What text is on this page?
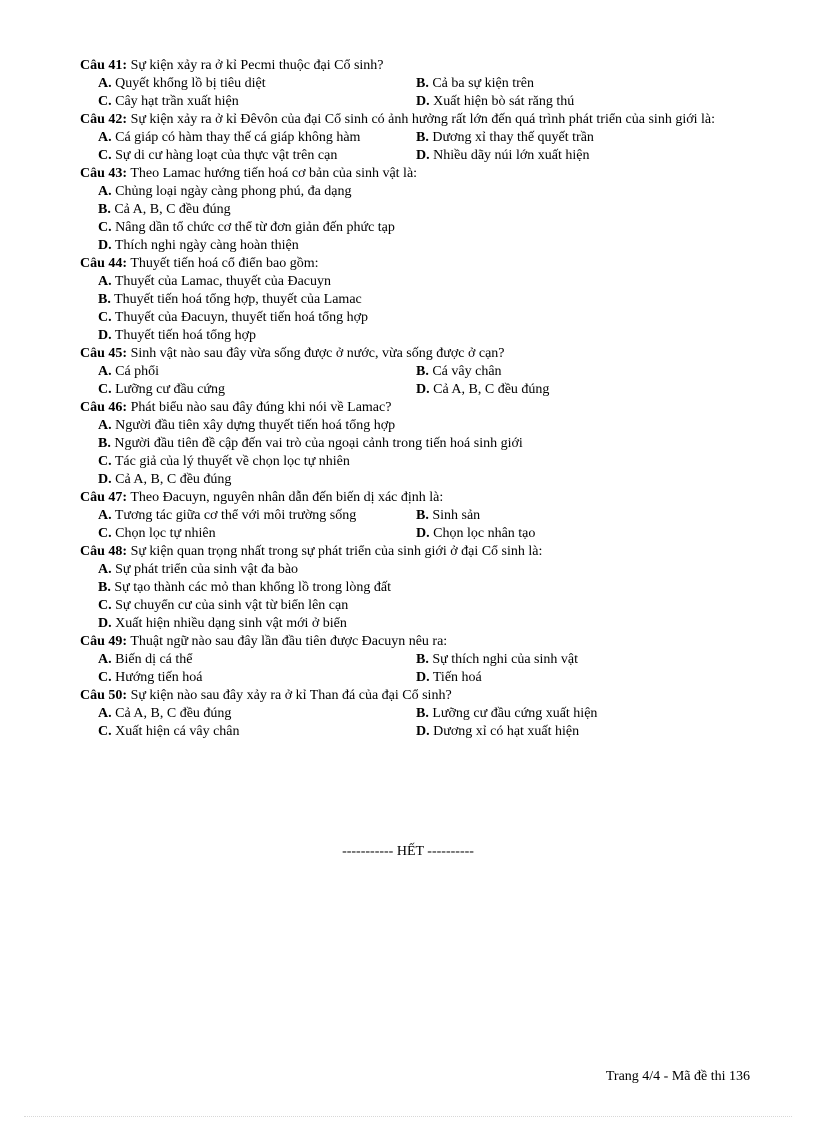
Câu 41: Sự kiện xảy ra ở kỉ Pecmi thuộc đại Cổ sinh?
A. Quyết khổng lồ bị tiêu diệt	B. Cả ba sự kiện trên
C. Cây hạt trần xuất hiện	D. Xuất hiện bò sát răng thú
Câu 42: Sự kiện xảy ra ở kỉ Đêvôn của đại Cổ sinh có ảnh hưởng rất lớn đến quá trình phát triển của sinh giới là:
A. Cá giáp có hàm thay thế cá giáp không hàm	B. Dương xỉ thay thế quyết trần
C. Sự di cư hàng loạt của thực vật trên cạn	D. Nhiều dãy núi lớn xuất hiện
Câu 43: Theo Lamac hướng tiến hoá cơ bản của sinh vật là:
A. Chủng loại ngày càng phong phú, đa dạng
B. Cả A, B, C đều đúng
C. Nâng dần tổ chức cơ thể từ đơn giản đến phức tạp
D. Thích nghi ngày càng hoàn thiện
Câu 44: Thuyết tiến hoá cổ điển bao gồm:
A. Thuyết của Lamac, thuyết của Đacuyn
B. Thuyết tiến hoá tổng hợp, thuyết của Lamac
C. Thuyết của Đacuyn, thuyết tiến hoá tổng hợp
D. Thuyết tiến hoá tổng hợp
Câu 45: Sinh vật nào sau đây vừa sống được ở nước, vừa sống được ở cạn?
A. Cá phổi	B. Cá vây chân
C. Lưỡng cư đầu cứng	D. Cả A, B, C đều đúng
Câu 46: Phát biểu nào sau đây đúng khi nói về Lamac?
A. Người đầu tiên xây dựng thuyết tiến hoá tổng hợp
B. Người đầu tiên đề cập đến vai trò của ngoại cảnh trong tiến hoá sinh giới
C. Tác giả của lý thuyết về chọn lọc tự nhiên
D. Cả A, B, C đều đúng
Câu 47: Theo Đacuyn, nguyên nhân dẫn đến biến dị xác định là:
A. Tương tác giữa cơ thể với môi trường sống	B. Sinh sản
C. Chọn lọc tự nhiên	D. Chọn lọc nhân tạo
Câu 48: Sự kiện quan trọng nhất trong sự phát triển của sinh giới ở đại Cổ sinh là:
A. Sự phát triển của sinh vật đa bào
B. Sự tạo thành các mỏ than khổng lồ trong lòng đất
C. Sự chuyển cư của sinh vật từ biển lên cạn
D. Xuất hiện nhiều dạng sinh vật mới ở biển
Câu 49: Thuật ngữ nào sau đây lần đầu tiên được Đacuyn nêu ra:
A. Biến dị cá thể	B. Sự thích nghi của sinh vật
C. Hướng tiến hoá	D. Tiến hoá
Câu 50: Sự kiện nào sau đây xảy ra ở kỉ Than đá của đại Cổ sinh?
A. Cả A, B, C đều đúng	B. Lưỡng cư đầu cứng xuất hiện
C. Xuất hiện cá vây chân	D. Dương xỉ có hạt xuất hiện
----------- HẾT ----------
Trang 4/4 - Mã đề thi 136
